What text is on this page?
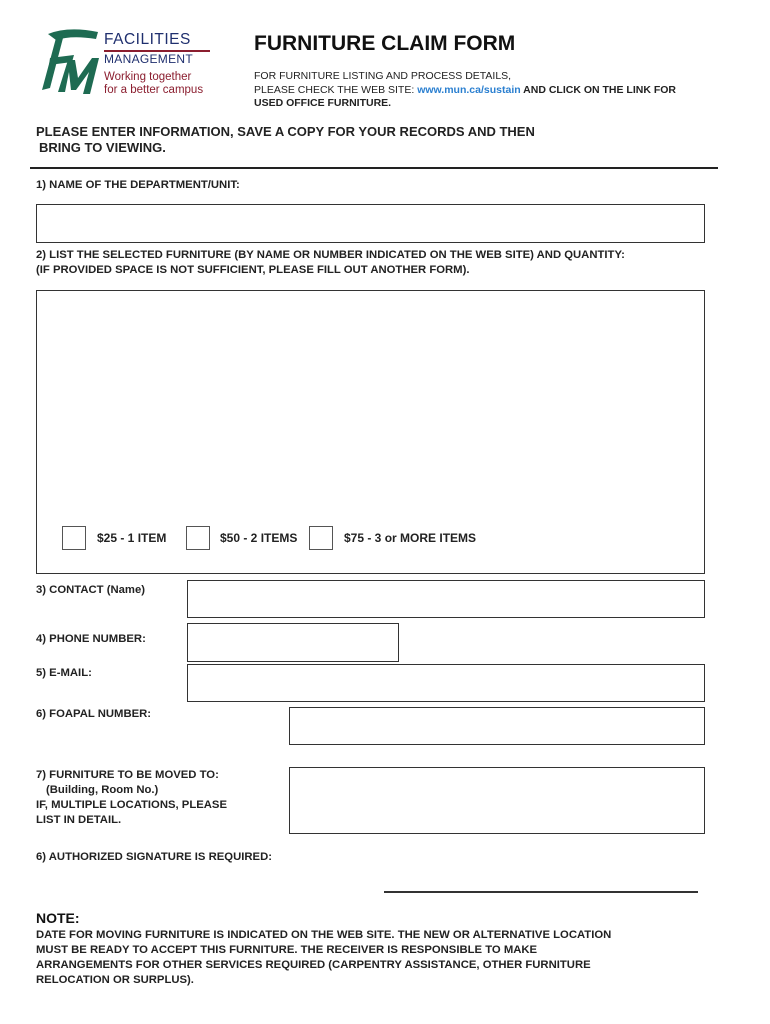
FACILITIES
MANAGEMENT
Working together
for a better campus
FURNITURE CLAIM FORM
FOR FURNITURE LISTING AND PROCESS DETAILS,
PLEASE CHECK THE WEB SITE: www.mun.ca/sustain AND CLICK ON THE LINK FOR
USED OFFICE FURNITURE.
PLEASE ENTER INFORMATION, SAVE A COPY FOR YOUR RECORDS AND THEN
BRING TO VIEWING.
1) NAME OF THE DEPARTMENT/UNIT:
2) LIST THE SELECTED FURNITURE (BY NAME OR NUMBER INDICATED ON THE WEB SITE) AND QUANTITY:
(IF PROVIDED SPACE IS NOT SUFFICIENT, PLEASE FILL OUT ANOTHER FORM).
$25 - 1 ITEM	$50 - 2 ITEMS	$75 - 3 or MORE ITEMS
3) CONTACT (Name)
4) PHONE NUMBER:
5) E-MAIL:
6) FOAPAL NUMBER:
7) FURNITURE TO BE MOVED TO:
(Building, Room No.)
IF, MULTIPLE LOCATIONS, PLEASE
LIST IN DETAIL.
6) AUTHORIZED SIGNATURE IS REQUIRED:
NOTE:
DATE FOR MOVING FURNITURE IS INDICATED ON THE WEB SITE. THE NEW OR ALTERNATIVE LOCATION
MUST BE READY TO ACCEPT THIS FURNITURE. THE RECEIVER IS RESPONSIBLE TO MAKE
ARRANGEMENTS FOR OTHER SERVICES REQUIRED (CARPENTRY ASSISTANCE, OTHER FURNITURE
RELOCATION OR SURPLUS).
